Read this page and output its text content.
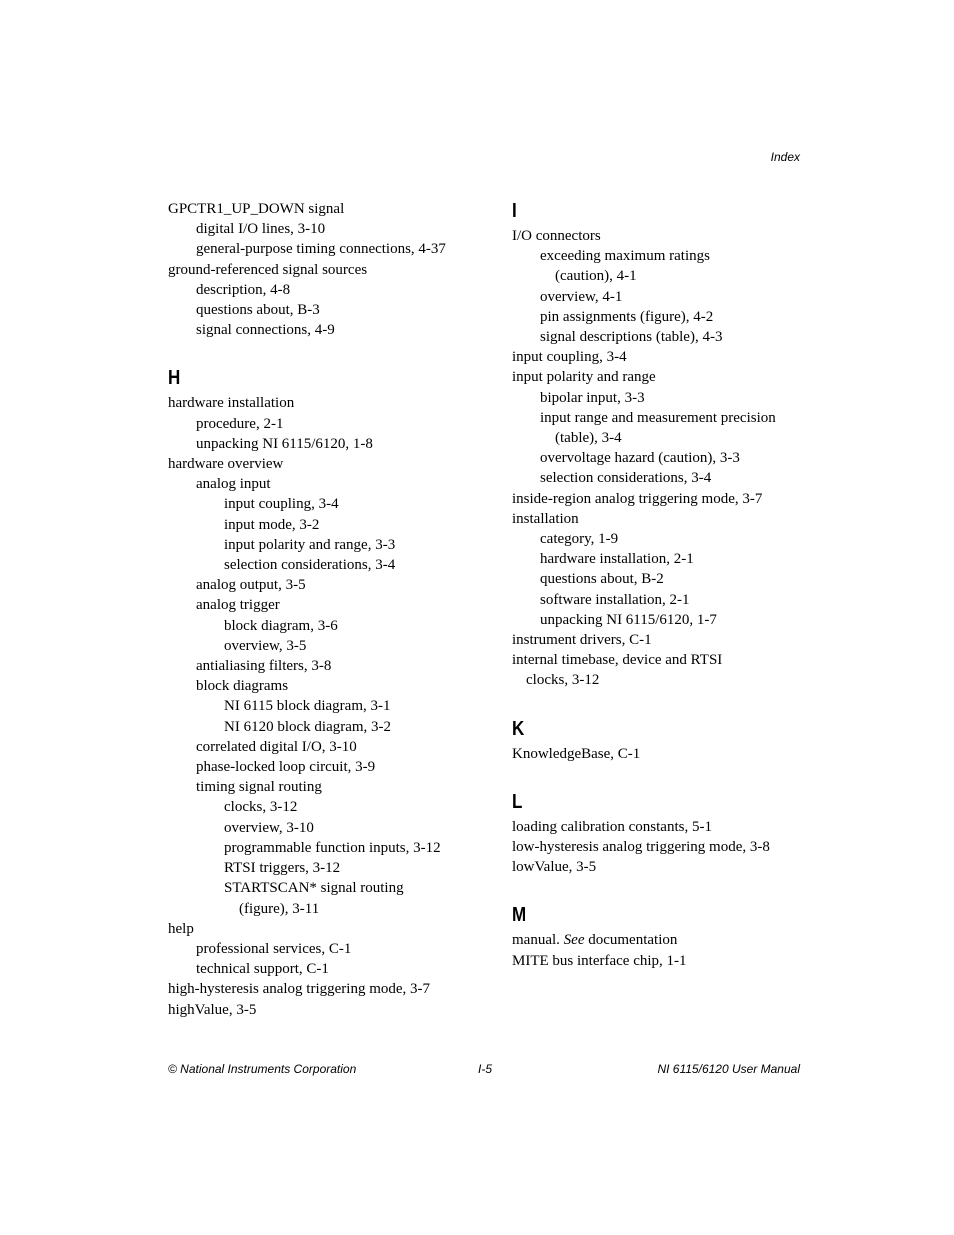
Index
GPCTR1_UP_DOWN signal
digital I/O lines, 3-10
general-purpose timing connections, 4-37
ground-referenced signal sources
description, 4-8
questions about, B-3
signal connections, 4-9
H
hardware installation
procedure, 2-1
unpacking NI 6115/6120, 1-8
hardware overview
analog input
input coupling, 3-4
input mode, 3-2
input polarity and range, 3-3
selection considerations, 3-4
analog output, 3-5
analog trigger
block diagram, 3-6
overview, 3-5
antialiasing filters, 3-8
block diagrams
NI 6115 block diagram, 3-1
NI 6120 block diagram, 3-2
correlated digital I/O, 3-10
phase-locked loop circuit, 3-9
timing signal routing
clocks, 3-12
overview, 3-10
programmable function inputs, 3-12
RTSI triggers, 3-12
STARTSCAN* signal routing
(figure), 3-11
help
professional services, C-1
technical support, C-1
high-hysteresis analog triggering mode, 3-7
highValue, 3-5
I
I/O connectors
exceeding maximum ratings
(caution), 4-1
overview, 4-1
pin assignments (figure), 4-2
signal descriptions (table), 4-3
input coupling, 3-4
input polarity and range
bipolar input, 3-3
input range and measurement precision
(table), 3-4
overvoltage hazard (caution), 3-3
selection considerations, 3-4
inside-region analog triggering mode, 3-7
installation
category, 1-9
hardware installation, 2-1
questions about, B-2
software installation, 2-1
unpacking NI 6115/6120, 1-7
instrument drivers, C-1
internal timebase, device and RTSI
clocks, 3-12
K
KnowledgeBase, C-1
L
loading calibration constants, 5-1
low-hysteresis analog triggering mode, 3-8
lowValue, 3-5
M
manual. See documentation
MITE bus interface chip, 1-1
© National Instruments Corporation	I-5	NI 6115/6120 User Manual
